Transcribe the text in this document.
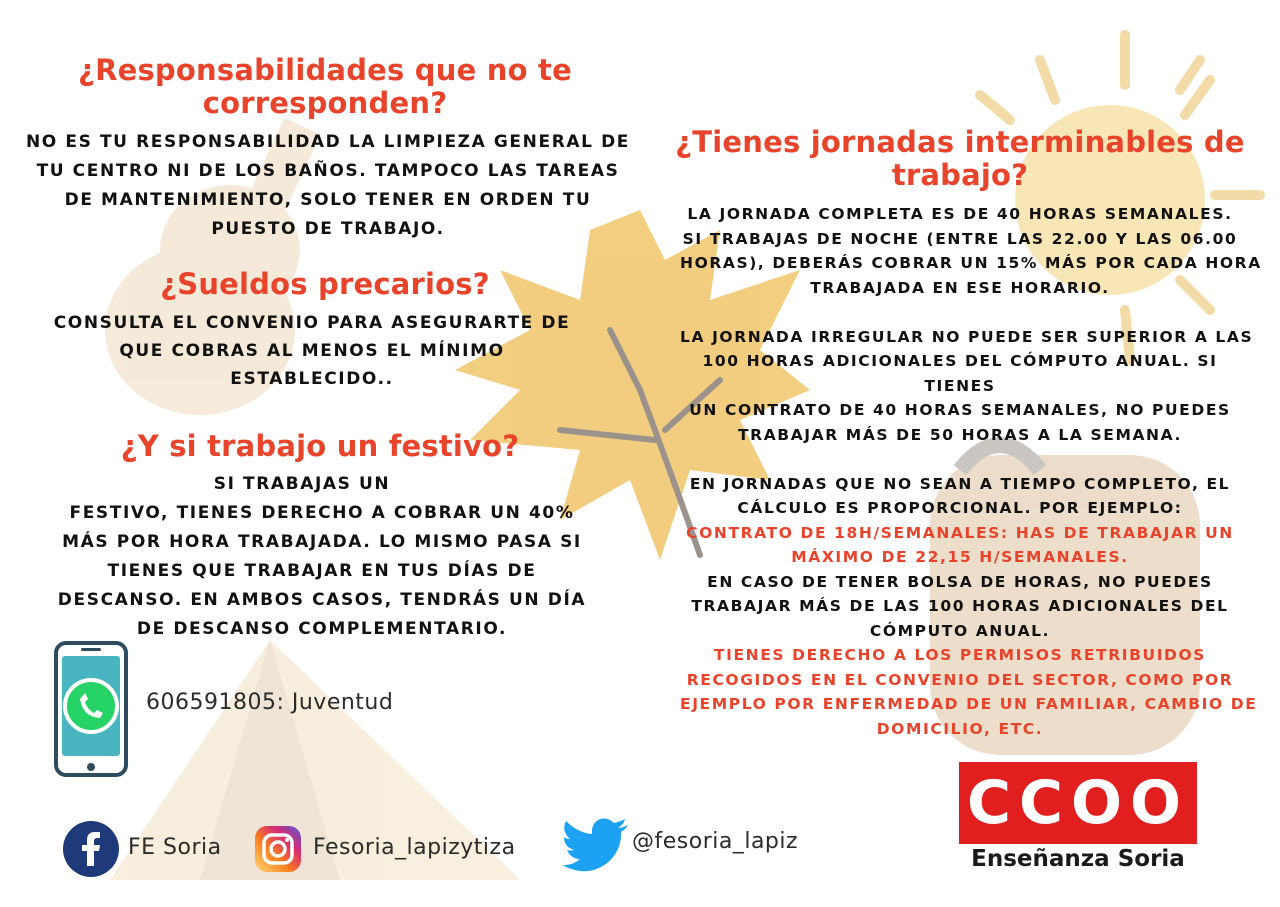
¿Responsabilidades que no te
corresponden?
NO ES TU RESPONSABILIDAD LA LIMPIEZA GENERAL DE
TU CENTRO NI DE LOS BAÑOS. TAMPOCO LAS TAREAS
DE MANTENIMIENTO, SOLO TENER EN ORDEN TU
PUESTO DE TRABAJO.
¿Sueldos precarios?
CONSULTA EL CONVENIO PARA ASEGURARTE DE
QUE COBRAS AL MENOS EL MÍNIMO
ESTABLECIDO..
¿Y si trabajo un festivo?
SI TRABAJAS UN
FESTIVO, TIENES DERECHO A COBRAR UN 40%
MÁS POR HORA TRABAJADA. LO MISMO PASA SI
TIENES QUE TRABAJAR EN TUS DÍAS DE
DESCANSO. EN AMBOS CASOS, TENDRÁS UN DÍA
DE DESCANSO COMPLEMENTARIO.
606591805: Juventud
FE Soria	Fesoria_lapizytiza	@fesoria_lapiz
¿Tienes jornadas interminables de
trabajo?
LA JORNADA COMPLETA ES DE 40 HORAS SEMANALES.
SI TRABAJAS DE NOCHE (ENTRE LAS 22.00 Y LAS 06.00
HORAS), DEBERÁS COBRAR UN 15% MÁS POR CADA HORA
TRABAJADA EN ESE HORARIO.

LA JORNADA IRREGULAR NO PUEDE SER SUPERIOR A LAS
100 HORAS ADICIONALES DEL CÓMPUTO ANUAL. SI
TIENES
UN CONTRATO DE 40 HORAS SEMANALES, NO PUEDES
TRABAJAR MÁS DE 50 HORAS A LA SEMANA.

EN JORNADAS QUE NO SEAN A TIEMPO COMPLETO, EL
CÁLCULO ES PROPORCIONAL. POR EJEMPLO:
CONTRATO DE 18H/SEMANALES: HAS DE TRABAJAR UN
MÁXIMO DE 22,15 H/SEMANALES.
EN CASO DE TENER BOLSA DE HORAS, NO PUEDES
TRABAJAR MÁS DE LAS 100 HORAS ADICIONALES DEL
CÓMPUTO ANUAL.
TIENES DERECHO A LOS PERMISOS RETRIBUIDOS
RECOGIDOS EN EL CONVENIO DEL SECTOR, COMO POR
EJEMPLO POR ENFERMEDAD DE UN FAMILIAR, CAMBIO DE
DOMICILIO, ETC.
CCOO
Enseñanza Soria
